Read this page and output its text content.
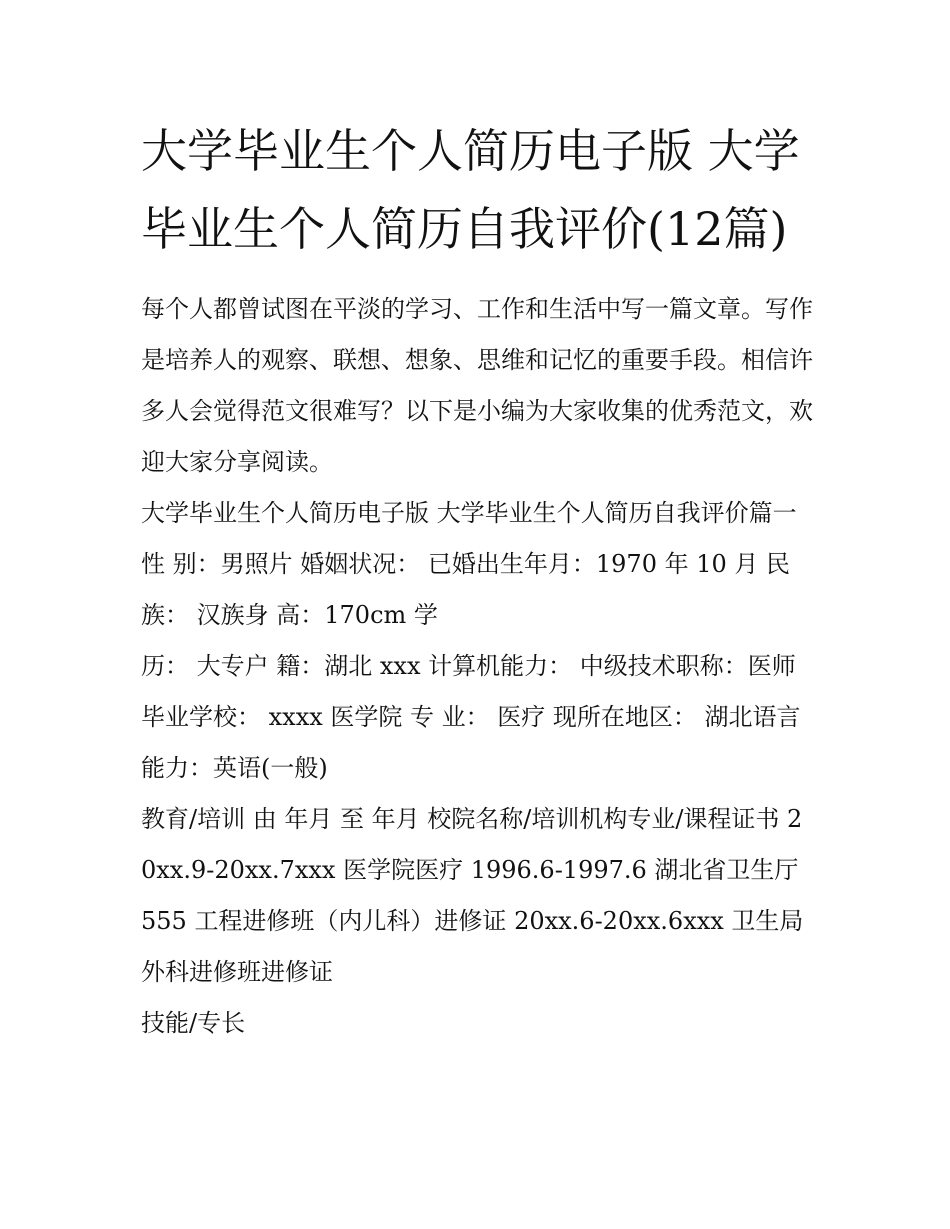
大学毕业生个人简历电子版 大学毕业生个人简历自我评价(12篇)

每个人都曾试图在平淡的学习、工作和生活中写一篇文章。写作是培养人的观察、联想、想象、思维和记忆的重要手段。相信许多人会觉得范文很难写？以下是小编为大家收集的优秀范文，欢迎大家分享阅读。

大学毕业生个人简历电子版 大学毕业生个人简历自我评价篇一 性 别：男照片 婚姻状况： 已婚出生年月：1970 年 10 月 民族： 汉族身 高：170cm 学

历： 大专户 籍：湖北 xxx 计算机能力： 中级技术职称：医师毕业学校： xxxx 医学院 专 业： 医疗 现所在地区： 湖北语言能力：英语(一般)

教育/培训 由 年月 至 年月 校院名称/培训机构专业/课程证书 20xx.9-20xx.7xxx 医学院医疗 1996.6-1997.6 湖北省卫生厅 555 工程进修班（内儿科）进修证 20xx.6-20xx.6xxx 卫生局外科进修班进修证

技能/专长
